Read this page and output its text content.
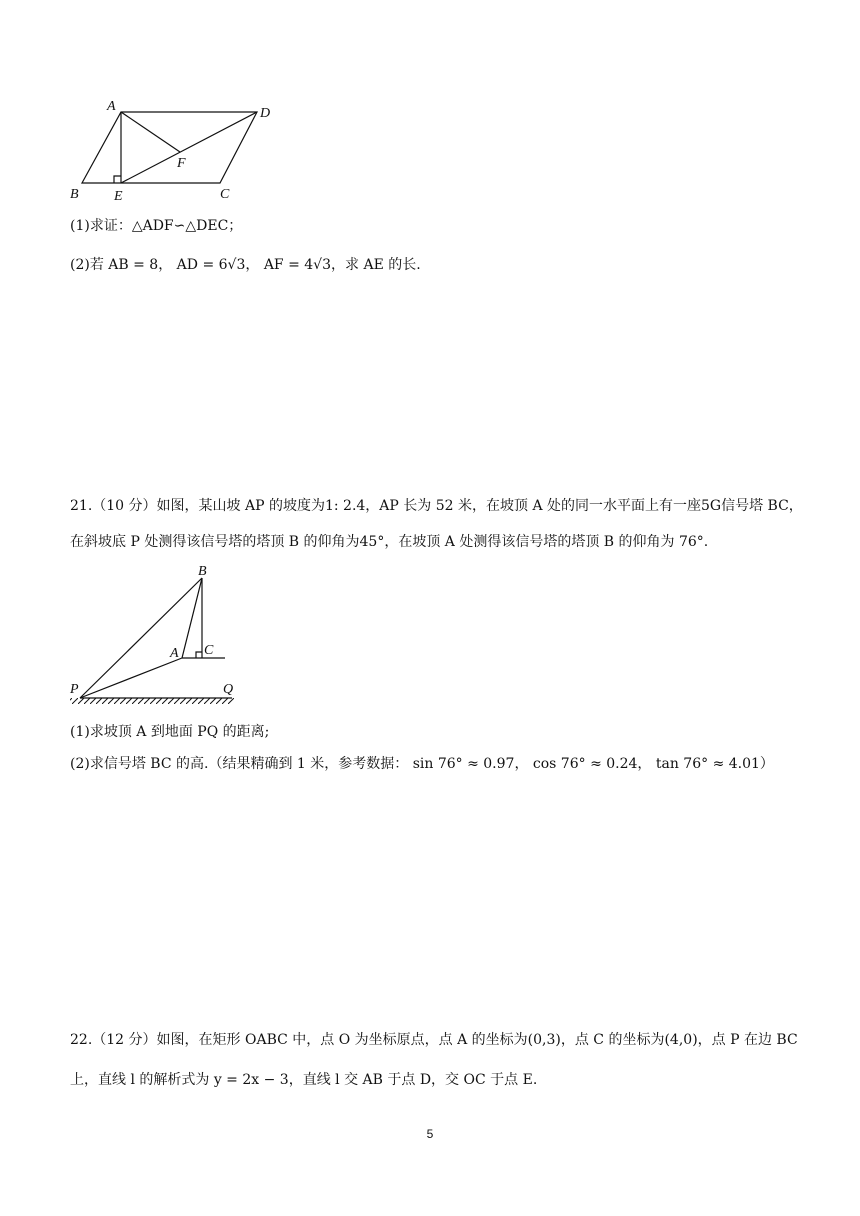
A	D
F
B	E	C
(1)求证：△ADF∽△DEC；
(2)若 AB = 8， AD = 6√3， AF = 4√3，求 AE 的长.
21.（10 分）如图，某山坡 AP 的坡度为1: 2.4，AP 长为 52 米，在坡顶 A 处的同一水平面上有一座5G信号塔 BC，
在斜坡底 P 处测得该信号塔的塔顶 B 的仰角为45°，在坡顶 A 处测得该信号塔的塔顶 B 的仰角为 76°.
B
A C
P	Q
(1)求坡顶 A 到地面 PQ 的距离;
(2)求信号塔 BC 的高.（结果精确到 1 米，参考数据： sin 76° ≈ 0.97， cos 76° ≈ 0.24， tan 76° ≈ 4.01）
22.（12 分）如图，在矩形 OABC 中，点 O 为坐标原点，点 A 的坐标为(0,3)，点 C 的坐标为(4,0)，点 P 在边 BC
上，直线 l 的解析式为 y = 2x − 3，直线 l 交 AB 于点 D，交 OC 于点 E.
5
